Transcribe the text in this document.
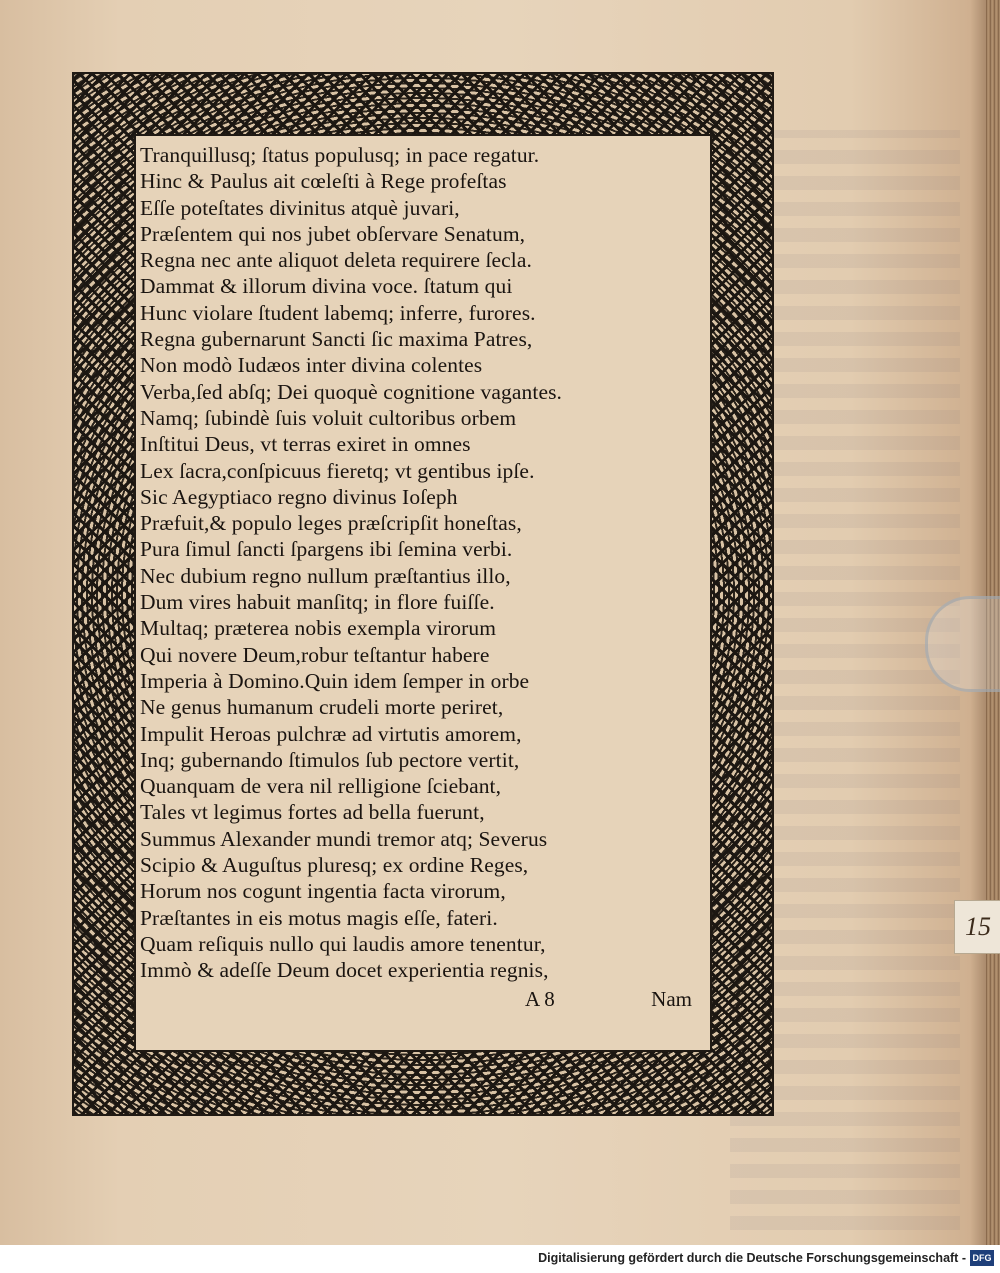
15
Tranquillusq; ſtatus populusq; in pace regatur.
Hinc & Paulus ait cœleſti à Rege profeſtas
Eſſe poteſtates divinitus atquè juvari,
Præſentem qui nos jubet obſervare Senatum,
Regna nec ante aliquot deleta requirere ſecla.
Dammat & illorum divina voce. ſtatum qui
Hunc violare ſtudent labemq; inferre, furores.
Regna gubernarunt Sancti ſic maxima Patres,
Non modò Iudæos inter divina colentes
Verba,ſed abſq; Dei quoquè cognitione vagantes.
Namq; ſubindè ſuis voluit cultoribus orbem
Inſtitui Deus, vt terras exiret in omnes
Lex ſacra,conſpicuus fieretq; vt gentibus ipſe.
Sic Aegyptiaco regno divinus Ioſeph
Præfuit,& populo leges præſcripſit honeſtas,
Pura ſimul ſancti ſpargens ibi ſemina verbi.
Nec dubium regno nullum præſtantius illo,
Dum vires habuit manſitq; in flore fuiſſe.
Multaq; præterea nobis exempla virorum
Qui novere Deum,robur teſtantur habere
Imperia à Domino.Quin idem ſemper in orbe
Ne genus humanum crudeli morte periret,
Impulit Heroas pulchræ ad virtutis amorem,
Inq; gubernando ſtimulos ſub pectore vertit,
Quanquam de vera nil relligione ſciebant,
Tales vt legimus fortes ad bella fuerunt,
Summus Alexander mundi tremor atq; Severus
Scipio & Auguſtus pluresq; ex ordine Reges,
Horum nos cogunt ingentia facta virorum,
Præſtantes in eis motus magis eſſe, fateri.
Quam reſiquis nullo qui laudis amore tenentur,
Immò & adeſſe Deum docet experientia regnis,
A 8	Nam
Digitalisierung gefördert durch die Deutsche Forschungsgemeinschaft - DFG
